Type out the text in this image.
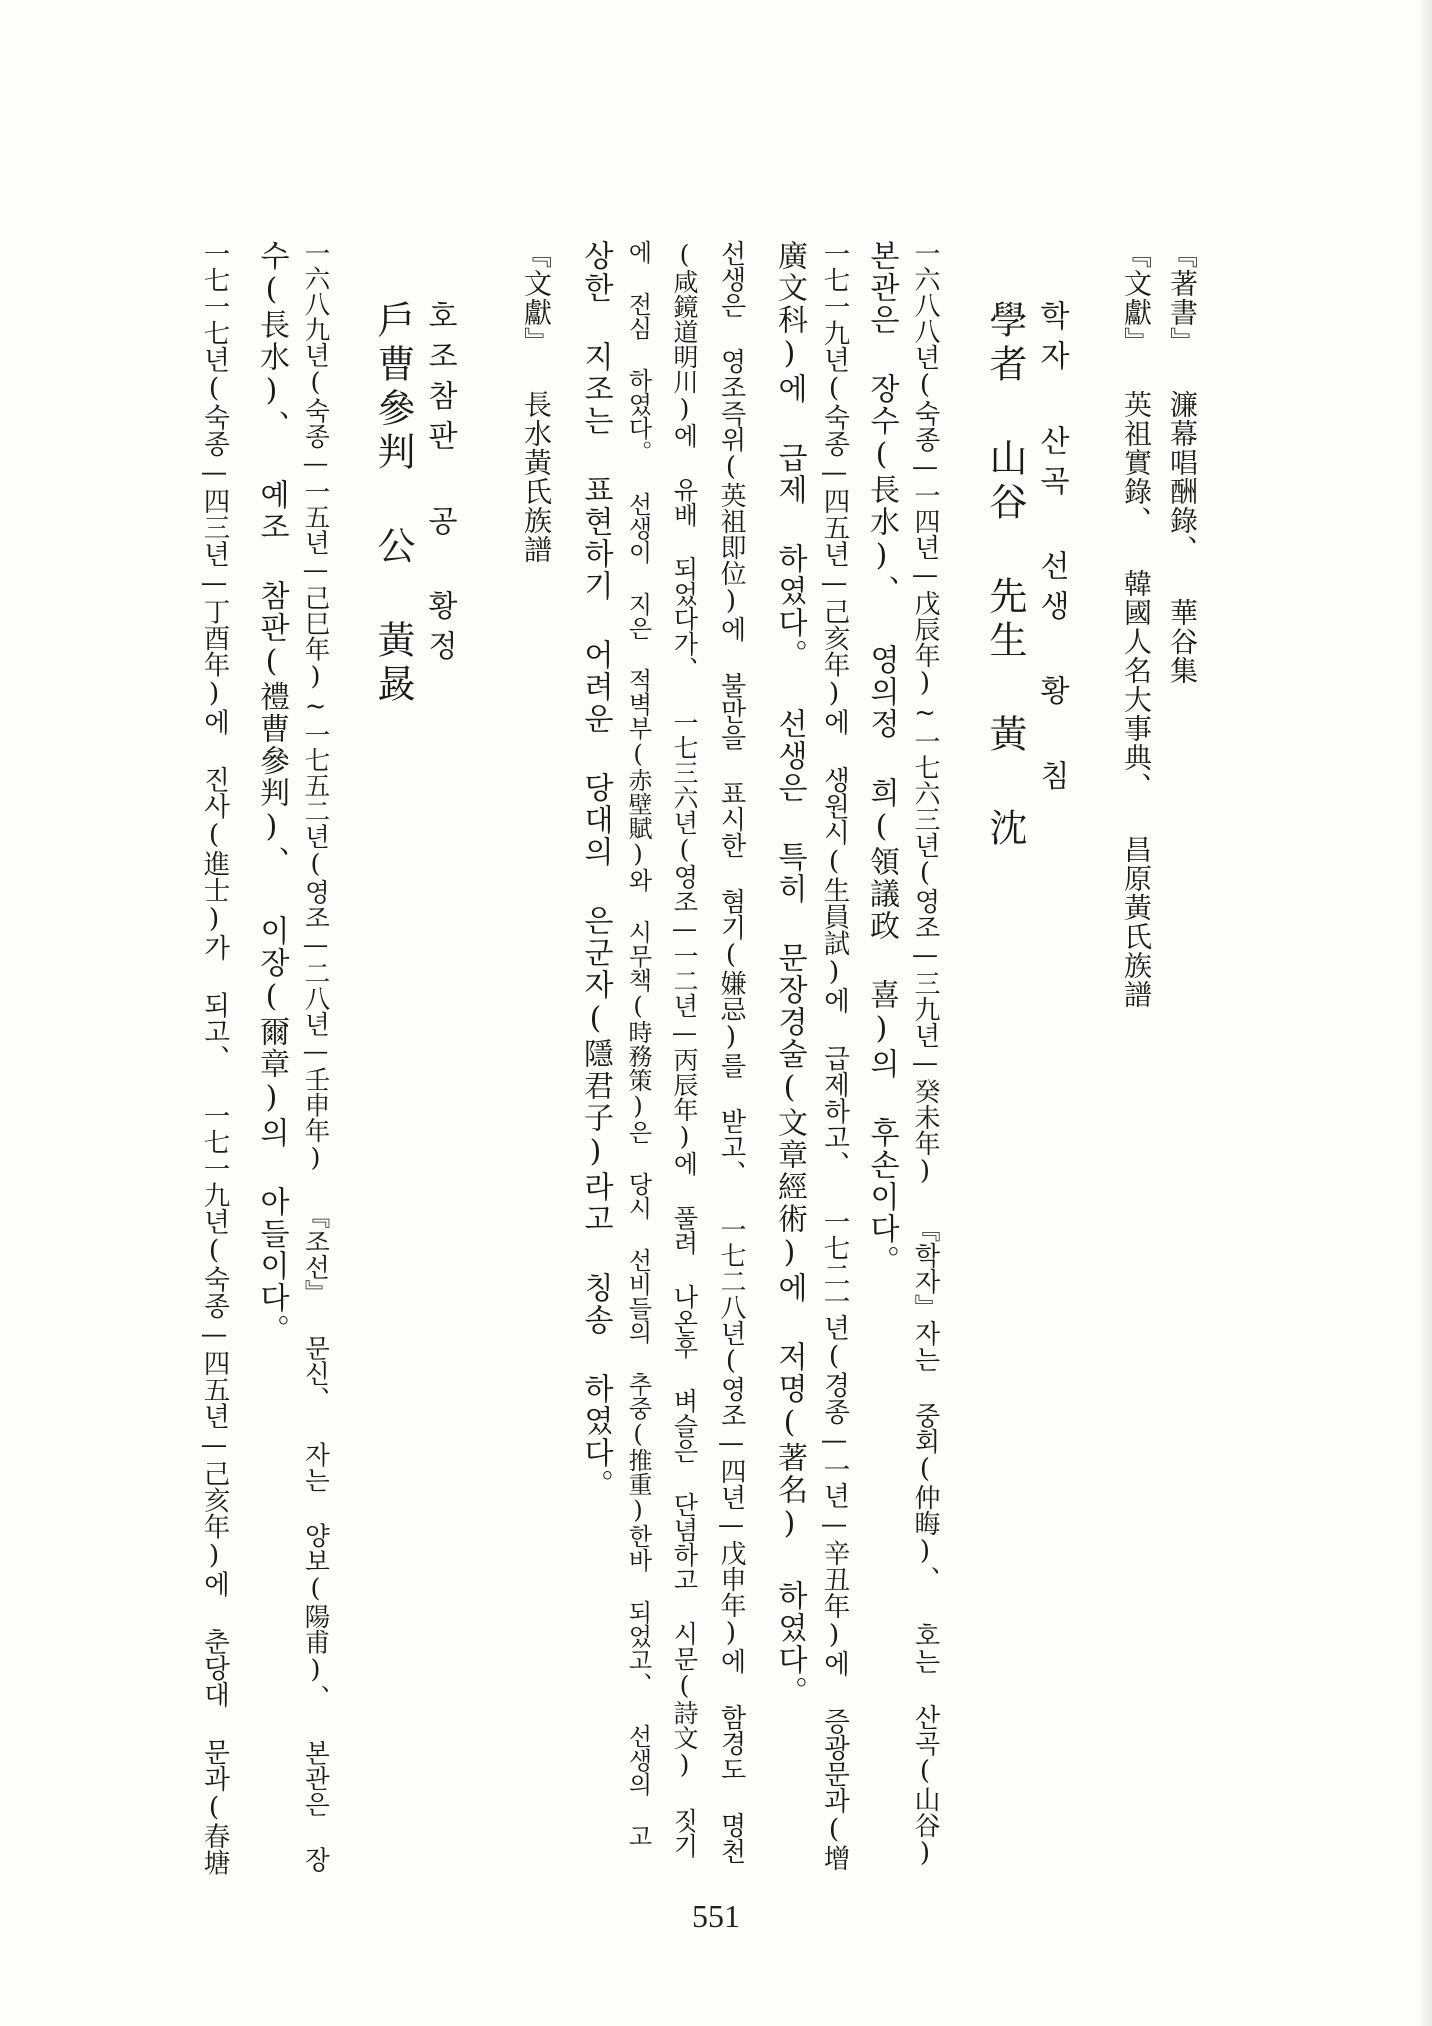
『著書』 濂幕唱酬錄、 華谷集
『文獻』 英祖實錄、 韓國人名大事典、 昌原黃氏族譜
학자 산곡 선생 황 침
學者 山谷 先生 黃 沈
一六八八년(숙종—一四년—戊辰年)~一七六三년(영조—三九년—癸未年) 『학자』자는 중회(仲晦)、 호는 산곡(山谷)
본관은 장수(長水)、 영의정 희(領議政 喜)의 후손이다。
一七一九년(숙종—四五년—己亥年)에 생원시(生員試)에 급제하고、 一七二一년(경종—一년—辛丑年)에 증광문과(增
廣文科)에 급제 하였다。 선생은 특히 문장경술(文章經術)에 저명(著名) 하였다。
선생은 영조즉위(英祖即位)에 불만을 표시한 혐기(嫌忌)를 받고、 一七二八년(영조—四년—戊申年)에 함경도 명천
(咸鏡道明川)에 유배 되었다가、 一七三六년(영조—一二년—丙辰年)에 풀려 나온후 벼슬은 단념하고 시문(詩文) 짓기
에 전심 하였다。 선생이 지은 적벽부(赤壁賦)와 시무책(時務策)은 당시 선비들의 추중(推重)한바 되었고、 선생의 고
상한 지조는 표현하기 어려운 당대의 은군자(隱君子)라고 칭송 하였다。
『文獻』 長水黃氏族譜
호조참판 공 황정
戶曹參判 公 黃晸
一六八九년(숙종—一五년—己巳年)~一七五二년(영조—二八년—壬申年) 『조선』 문신、 자는 양보(陽甫)、 본관은 장
수(長水)、 예조 참판(禮曹參判)、 이장(爾章)의 아들이다。
一七一七년(숙종—四三년—丁酉年)에 진사(進士)가 되고、 一七一九년(숙종—四五년—己亥年)에 춘당대 문과(春塘
551
